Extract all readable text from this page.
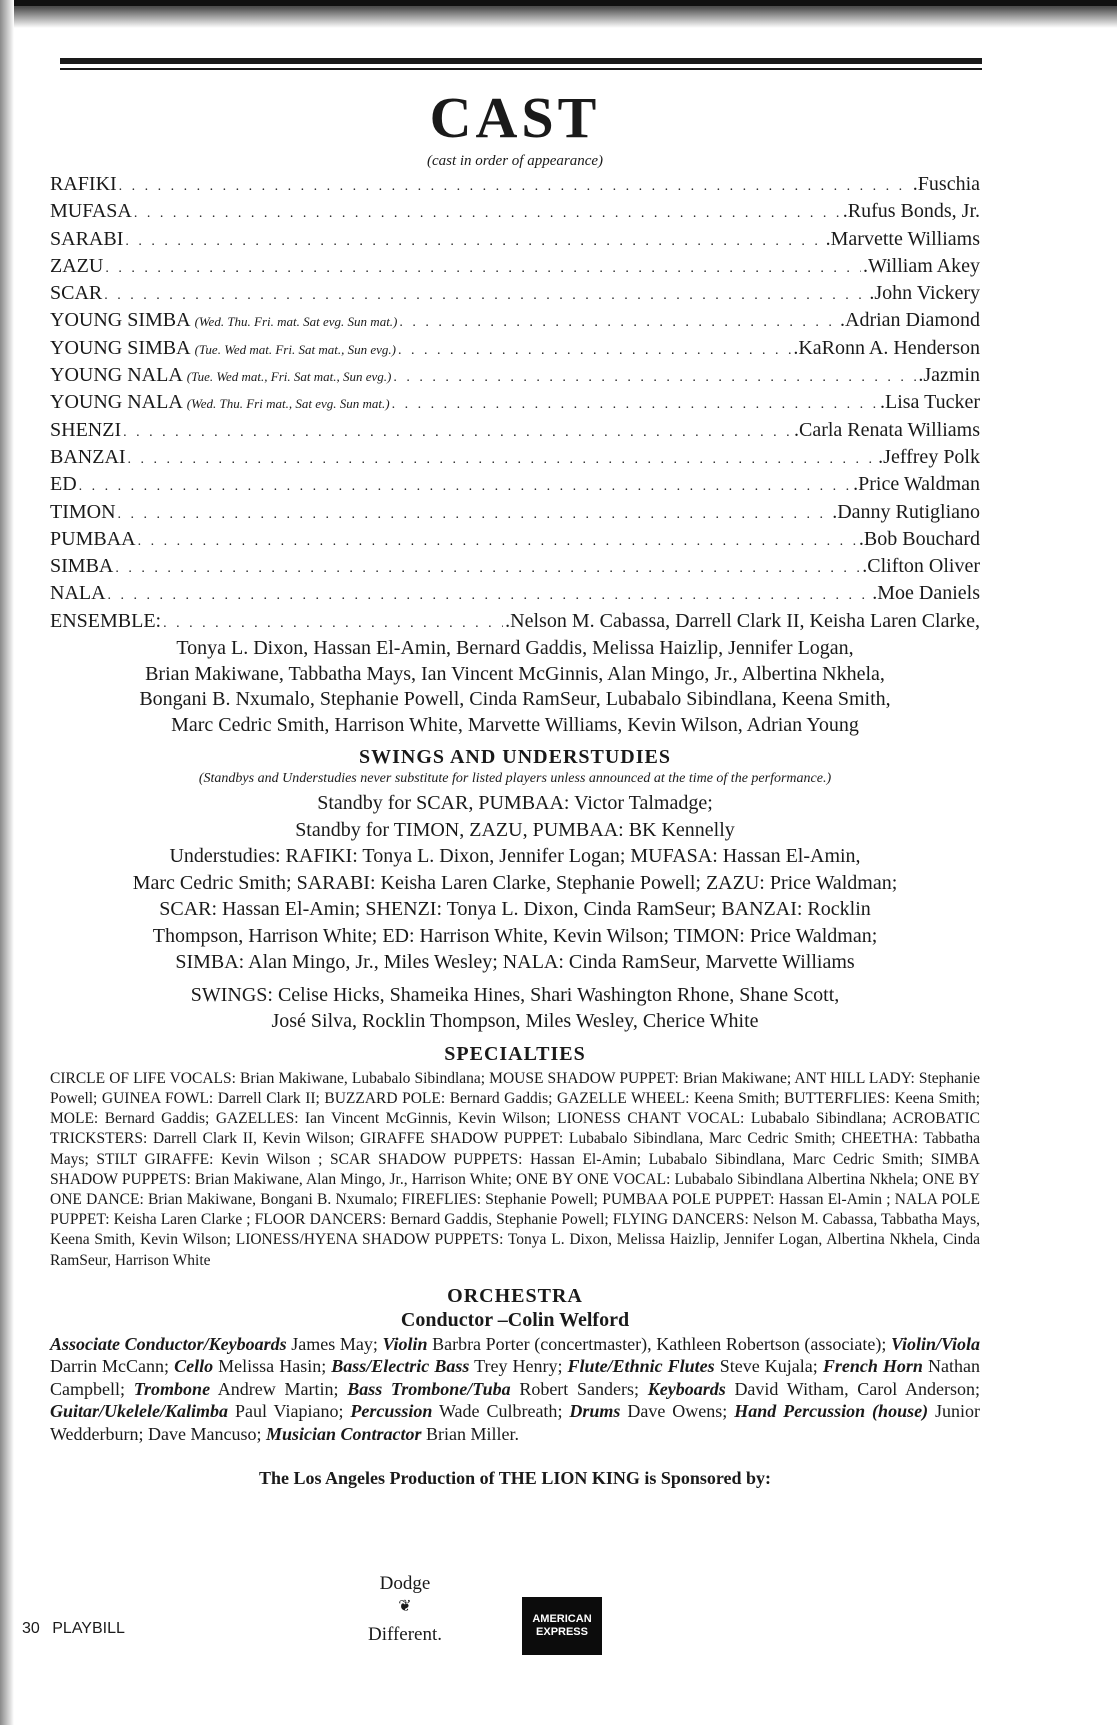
CAST
(cast in order of appearance)
RAFIKI . . .	.Fuschia
MUFASA . . .	.Rufus Bonds, Jr.
SARABI . . .	.Marvette Williams
ZAZU . . .	.William Akey
SCAR . . .	.John Vickery
YOUNG SIMBA (Wed. Thu. Fri. mat. Sat evg. Sun mat.) . . .	.Adrian Diamond
YOUNG SIMBA (Tue. Wed mat. Fri. Sat mat., Sun evg.) . . .	.KaRonn A. Henderson
YOUNG NALA (Tue. Wed mat., Fri. Sat mat., Sun evg.) . . .	.Jazmin
YOUNG NALA (Wed. Thu. Fri mat., Sat evg. Sun mat.) . . .	.Lisa Tucker
SHENZI . . .	.Carla Renata Williams
BANZAI . . .	.Jeffrey Polk
ED . . .	.Price Waldman
TIMON . . .	.Danny Rutigliano
PUMBAA . . .	.Bob Bouchard
SIMBA . . .	.Clifton Oliver
NALA . . .	.Moe Daniels
ENSEMBLE: . . .	.Nelson M. Cabassa, Darrell Clark II, Keisha Laren Clarke,
Tonya L. Dixon, Hassan El-Amin, Bernard Gaddis, Melissa Haizlip, Jennifer Logan,
Brian Makiwane, Tabbatha Mays, Ian Vincent McGinnis, Alan Mingo, Jr., Albertina Nkhela,
Bongani B. Nxumalo, Stephanie Powell, Cinda RamSeur, Lubabalo Sibindlana, Keena Smith,
Marc Cedric Smith, Harrison White, Marvette Williams, Kevin Wilson, Adrian Young
SWINGS AND UNDERSTUDIES
(Standbys and Understudies never substitute for listed players unless announced at the time of the performance.)

Standby for SCAR, PUMBAA: Victor Talmadge;

Standby for TIMON, ZAZU, PUMBAA: BK Kennelly

Understudies: RAFIKI: Tonya L. Dixon, Jennifer Logan; MUFASA: Hassan El-Amin,

Marc Cedric Smith; SARABI: Keisha Laren Clarke, Stephanie Powell; ZAZU: Price Waldman;

SCAR: Hassan El-Amin; SHENZI: Tonya L. Dixon, Cinda RamSeur; BANZAI: Rocklin

Thompson, Harrison White; ED: Harrison White, Kevin Wilson; TIMON: Price Waldman;

SIMBA: Alan Mingo, Jr., Miles Wesley; NALA: Cinda RamSeur, Marvette Williams

SWINGS: Celise Hicks, Shameika Hines, Shari Washington Rhone, Shane Scott,

José Silva, Rocklin Thompson, Miles Wesley, Cherice White

SPECIALTIES
CIRCLE OF LIFE VOCALS: Brian Makiwane, Lubabalo Sibindlana; MOUSE SHADOW PUPPET: Brian Makiwane; ANT HILL LADY: Stephanie Powell; GUINEA FOWL: Darrell Clark II; BUZZARD POLE: Bernard Gaddis; GAZELLE WHEEL: Keena Smith; BUTTERFLIES: Keena Smith; MOLE: Bernard Gaddis; GAZELLES: Ian Vincent McGinnis, Kevin Wilson; LIONESS CHANT VOCAL: Lubabalo Sibindlana; ACROBATIC TRICKSTERS: Darrell Clark II, Kevin Wilson; GIRAFFE SHADOW PUPPET: Lubabalo Sibindlana, Marc Cedric Smith; CHEETHA: Tabbatha Mays; STILT GIRAFFE: Kevin Wilson ; SCAR SHADOW PUPPETS: Hassan El-Amin; Lubabalo Sibindlana, Marc Cedric Smith; SIMBA SHADOW PUPPETS: Brian Makiwane, Alan Mingo, Jr., Harrison White; ONE BY ONE VOCAL: Lubabalo Sibindlana Albertina Nkhela; ONE BY ONE DANCE: Brian Makiwane, Bongani B. Nxumalo; FIREFLIES: Stephanie Powell; PUMBAA POLE PUPPET: Hassan El-Amin ; NALA POLE PUPPET: Keisha Laren Clarke ; FLOOR DANCERS: Bernard Gaddis, Stephanie Powell; FLYING DANCERS: Nelson M. Cabassa, Tabbatha Mays, Keena Smith, Kevin Wilson; LIONESS/HYENA SHADOW PUPPETS: Tonya L. Dixon, Melissa Haizlip, Jennifer Logan, Albertina Nkhela, Cinda RamSeur, Harrison White
ORCHESTRA
Conductor –Colin Welford
Associate Conductor/Keyboards James May; Violin Barbra Porter (concertmaster), Kathleen Robertson (associate); Violin/Viola Darrin McCann; Cello Melissa Hasin; Bass/Electric Bass Trey Henry; Flute/Ethnic Flutes Steve Kujala; French Horn Nathan Campbell; Trombone Andrew Martin; Bass Trombone/Tuba Robert Sanders; Keyboards David Witham, Carol Anderson; Guitar/Ukelele/Kalimba Paul Viapiano; Percussion Wade Culbreath; Drums Dave Owens; Hand Percussion (house) Junior Wedderburn; Dave Mancuso; Musician Contractor Brian Miller.
The Los Angeles Production of THE LION KING is Sponsored by:
Dodge
❦
Different.
AMERICAN
EXPRESS
30 PLAYBILL
